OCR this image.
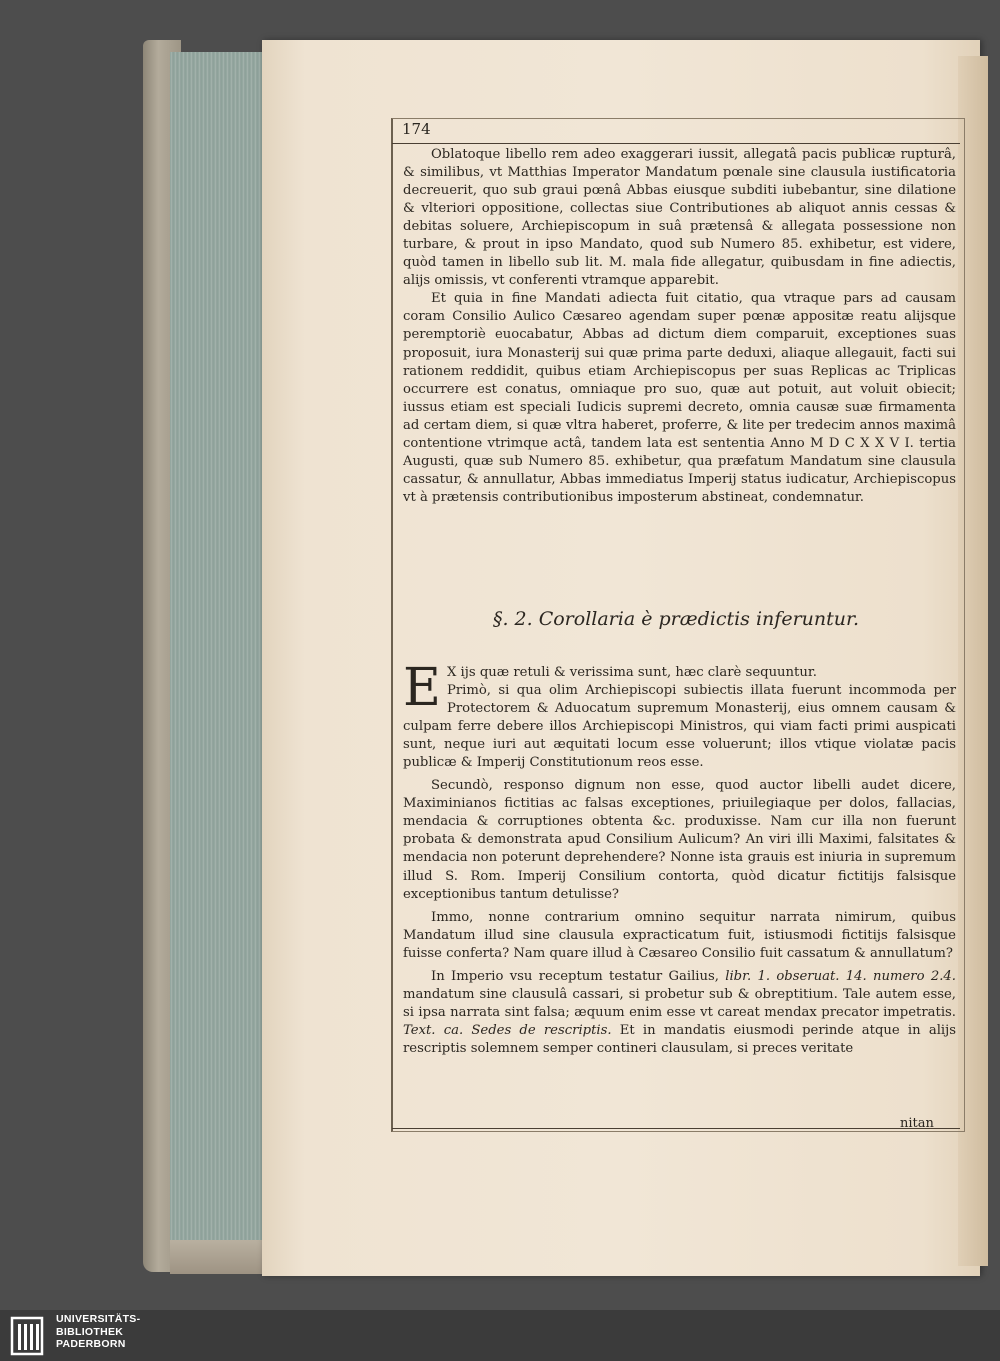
174

Oblatoque libello rem adeo exaggerari iussit, allegatâ pacis publicæ rupturâ, & similibus, vt Matthias Imperator Mandatum pœnale sine clausula iustificatoria decreuerit, quo sub graui pœnâ Abbas eiusque subditi iubebantur, sine dilatione & vlteriori oppositione, collectas siue Contributiones ab aliquot annis cessas & debitas soluere, Archiepiscopum in suâ prætensâ & allegata possessione non turbare, & prout in ipso Mandato, quod sub Numero 85. exhibetur, est videre, quòd tamen in libello sub lit. M. mala fide allegatur, quibusdam in fine adiectis, alijs omissis, vt conferenti vtramque apparebit.

Et quia in fine Mandati adiecta fuit citatio, qua vtraque pars ad causam coram Consilio Aulico Cæsareo agendam super pœnæ appositæ reatu alijsque peremptoriè euocabatur, Abbas ad dictum diem comparuit, exceptiones suas proposuit, iura Monasterij sui quæ prima parte deduxi, aliaque allegauit, facti sui rationem reddidit, quibus etiam Archiepiscopus per suas Replicas ac Triplicas occurrere est conatus, omniaque pro suo, quæ aut potuit, aut voluit obiecit; iussus etiam est speciali Iudicis supremi decreto, omnia causæ suæ firmamenta ad certam diem, si quæ vltra haberet, proferre, & lite per tredecim annos maximâ contentione vtrimque actâ, tandem lata est sententia Anno M D C X X V I. tertia Augusti, quæ sub Numero 85. exhibetur, qua præfatum Mandatum sine clausula cassatur, & annullatur, Abbas immediatus Imperij status iudicatur, Archiepiscopus vt à prætensis contributionibus imposterum abstineat, condemnatur.

§. 2. Corollaria è prædictis inferuntur.

E X ijs quæ retuli & verissima sunt, hæc clarè sequuntur.
Primò, si qua olim Archiepiscopi subiectis illata fuerunt incommoda per Protectorem & Aduocatum supremum Monasterij, eius omnem causam & culpam ferre debere illos Archiepiscopi Ministros, qui viam facti primi auspicati sunt, neque iuri aut æquitati locum esse voluerunt; illos vtique violatæ pacis publicæ & Imperij Constitutionum reos esse.

Secundò, responso dignum non esse, quod auctor libelli audet dicere, Maximinianos fictitias ac falsas exceptiones, priuilegiaque per dolos, fallacias, mendacia & corruptiones obtenta &c. produxisse. Nam cur illa non fuerunt probata & demonstrata apud Consilium Aulicum? An viri illi Maximi, falsitates & mendacia non poterunt deprehendere? Nonne ista grauis est iniuria in supremum illud S. Rom. Imperij Consilium contorta, quòd dicatur fictitijs falsisque exceptionibus tantum detulisse?

Immo, nonne contrarium omnino sequitur narrata nimirum, quibus Mandatum illud sine clausula expracticatum fuit, istiusmodi fictitijs falsisque fuisse conferta? Nam quare illud à Cæsareo Consilio fuit cassatum & annullatum?

In Imperio vsu receptum testatur Gailius, libr. 1. obseruat. 14. numero 2.4. mandatum sine clausulâ cassari, si probetur sub & obreptitium. Tale autem esse, si ipsa narrata sint falsa; æquum enim esse vt careat mendax precator impetratis. Text. ca. Sedes de rescriptis. Et in mandatis eiusmodi perinde atque in alijs rescriptis solemnem semper contineri clausulam, si preces veritate

nitan
UNIVERSITÄTS-
BIBLIOTHEK
PADERBORN
